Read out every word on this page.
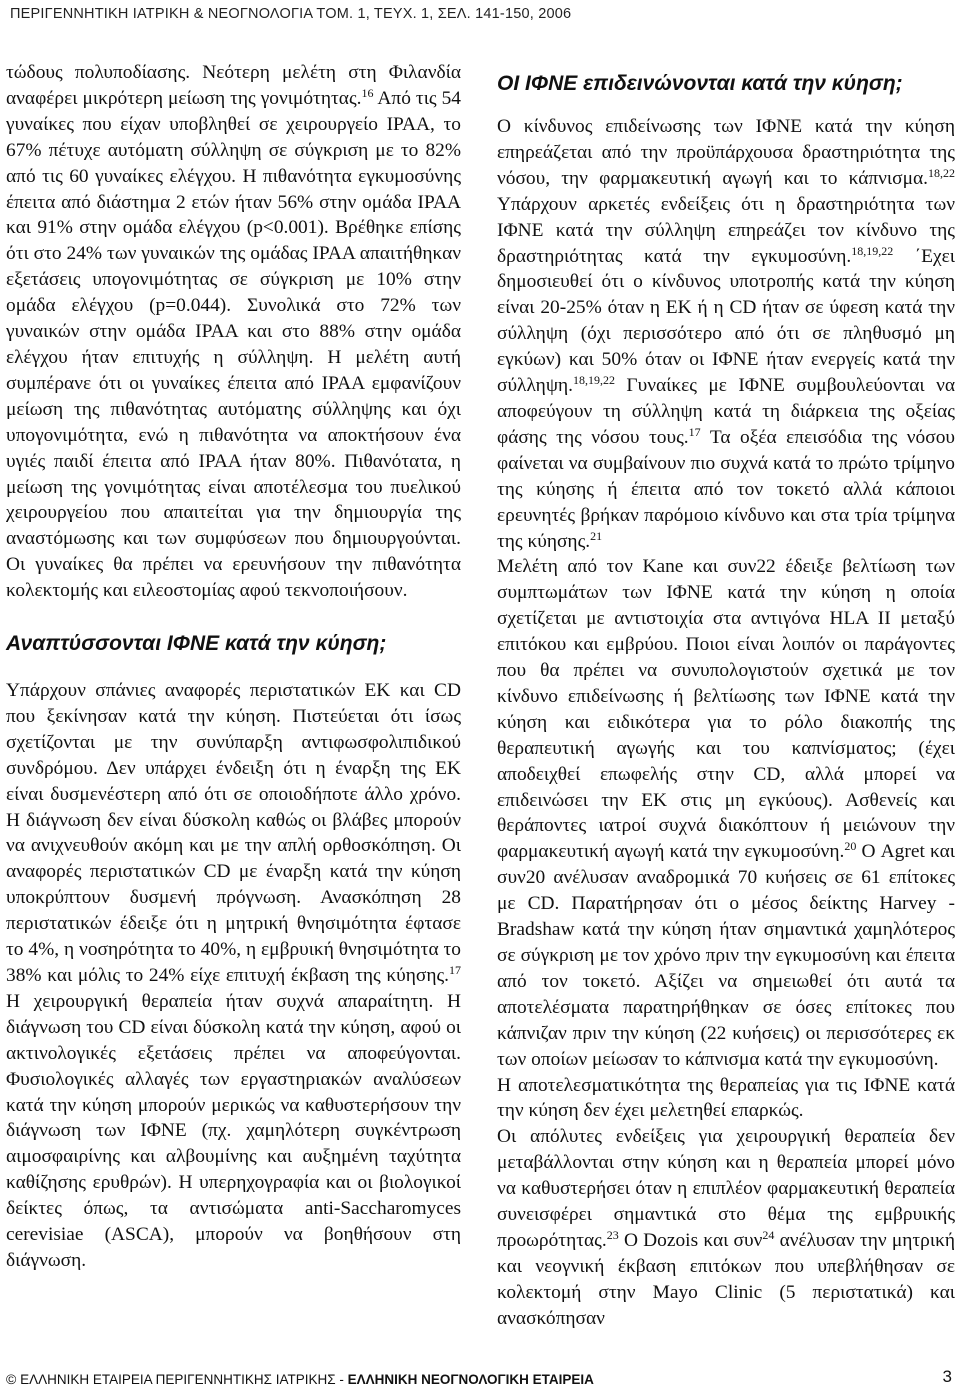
ΠΕΡΙΓΕΝΝΗΤΙΚΗ ΙΑΤΡΙΚΗ & ΝΕΟΓΝΟΛΟΓΙΑ ΤΟΜ. 1, ΤΕΥΧ. 1, ΣΕΛ. 141-150, 2006

τώδους πολυποδίασης. Νεότερη μελέτη στη Φιλανδία αναφέρει μικρότερη μείωση της γονιμότητας.$^{16}$ Από τις 54 γυναίκες που είχαν υποβληθεί σε χειρουργείο IPAA, το 67% πέτυχε αυτόματη σύλληψη σε σύγκριση με το 82% από τις 60 γυναίκες ελέγχου. Η πιθανότητα εγκυμοσύνης έπειτα από διάστημα 2 ετών ήταν 56% στην ομάδα IPAA και 91% στην ομάδα ελέγχου (p<0.001). Βρέθηκε επίσης ότι στο 24% των γυναικών της ομάδας IPAA απαιτήθηκαν εξετάσεις υπογονιμότητας σε σύγκριση με 10% στην ομάδα ελέγχου (p=0.044). Συνολικά στο 72% των γυναικών στην ομάδα IPAA και στο 88% στην ομάδα ελέγχου ήταν επιτυχής η σύλληψη. Η μελέτη αυτή συμπέρανε ότι οι γυναίκες έπειτα από IPAA εμφανίζουν μείωση της πιθανότητας αυτόματης σύλληψης και όχι υπογονιμότητα, ενώ η πιθανότητα να αποκτήσουν ένα υγιές παιδί έπειτα από IPAA ήταν 80%. Πιθανότατα, η μείωση της γονιμότητας είναι αποτέλεσμα του πυελικού χειρουργείου που απαιτείται για την δημιουργία της αναστόμωσης και των συμφύσεων που δημιουργούνται. Οι γυναίκες θα πρέπει να ερευνήσουν την πιθανότητα κολεκτομής και ειλεοστομίας αφού τεκνοποιήσουν.

Αναπτύσσονται ΙΦΝΕ κατά την κύηση;

Υπάρχουν σπάνιες αναφορές περιστατικών ΕΚ και CD που ξεκίνησαν κατά την κύηση. Πιστεύεται ότι ίσως σχετίζονται με την συνύπαρξη αντιφωσφολιπιδικού συνδρόμου. Δεν υπάρχει ένδειξη ότι η έναρξη της ΕΚ είναι δυσμενέστερη από ότι σε οποιοδήποτε άλλο χρόνο. Η διάγνωση δεν είναι δύσκολη καθώς οι βλάβες μπορούν να ανιχνευθούν ακόμη και με την απλή ορθοσκόπηση. Οι αναφορές περιστατικών CD με έναρξη κατά την κύηση υποκρύπτουν δυσμενή πρόγνωση. Ανασκόπηση 28 περιστατικών έδειξε ότι η μητρική θνησιμότητα έφτασε το 4%, η νοσηρότητα το 40%, η εμβρυική θνησιμότητα το 38% και μόλις το 24% είχε επιτυχή έκβαση της κύησης.$^{17}$ Η χειρουργική θεραπεία ήταν συχνά απαραίτητη. Η διάγνωση του CD είναι δύσκολη κατά την κύηση, αφού οι ακτινολογικές εξετάσεις πρέπει να αποφεύγονται. Φυσιολογικές αλλαγές των εργαστηριακών αναλύσεων κατά την κύηση μπορούν μερικώς να καθυστερήσουν την διάγνωση των ΙΦΝΕ (πχ. χαμηλότερη συγκέντρωση αιμοσφαιρίνης και αλβουμίνης και αυξημένη ταχύτητα καθίζησης ερυθρών). Η υπερηχογραφία και οι βιολογικοί δείκτες όπως, τα αντισώματα anti-Saccharomyces cerevisiae (ASCA), μπορούν να βοηθήσουν στη διάγνωση.

ΟΙ ΙΦΝΕ επιδεινώνονται κατά την κύηση;

Ο κίνδυνος επιδείνωσης των ΙΦΝΕ κατά την κύηση επηρεάζεται από την προϋπάρχουσα δραστηριότητα της νόσου, την φαρμακευτική αγωγή και το κάπνισμα.$^{18,22}$ Υπάρχουν αρκετές ενδείξεις ότι η δραστηριότητα των ΙΦΝΕ κατά την σύλληψη επηρεάζει τον κίνδυνο της δραστηριότητας κατά την εγκυμοσύνη.$^{18,19,22}$ ΄Εχει δημοσιευθεί ότι ο κίνδυνος υποτροπής κατά την κύηση είναι 20-25% όταν η ΕΚ ή η CD ήταν σε ύφεση κατά την σύλληψη (όχι περισσότερο από ότι σε πληθυσμό μη εγκύων) και 50% όταν οι ΙΦΝΕ ήταν ενεργείς κατά την σύλληψη.$^{18,19,22}$ Γυναίκες με ΙΦΝΕ συμβουλεύονται να αποφεύγουν τη σύλληψη κατά τη διάρκεια της οξείας φάσης της νόσου τους.$^{17}$ Τα οξέα επεισόδια της νόσου φαίνεται να συμβαίνουν πιο συχνά κατά το πρώτο τρίμηνο της κύησης ή έπειτα από τον τοκετό αλλά κάποιοι ερευνητές βρήκαν παρόμοιο κίνδυνο και στα τρία τρίμηνα της κύησης.$^{21}$

Μελέτη από τον Kane και συν22 έδειξε βελτίωση των συμπτωμάτων των ΙΦΝΕ κατά την κύηση η οποία σχετίζεται με αντιστοιχία στα αντιγόνα HLA II μεταξύ επιτόκου και εμβρύου. Ποιοι είναι λοιπόν οι παράγοντες που θα πρέπει να συνυπολογιστούν σχετικά με τον κίνδυνο επιδείνωσης ή βελτίωσης των ΙΦΝΕ κατά την κύηση και ειδικότερα για το ρόλο διακοπής της θεραπευτική αγωγής και του καπνίσματος; (έχει αποδειχθεί επωφελής στην CD, αλλά μπορεί να επιδεινώσει την ΕΚ στις μη εγκύους). Ασθενείς και θεράποντες ιατροί συχνά διακόπτουν ή μειώνουν την φαρμακευτική αγωγή κατά την εγκυμοσύνη.$^{20}$ Ο Agret και συν20 ανέλυσαν αναδρομικά 70 κυήσεις σε 61 επίτοκες με CD. Παρατήρησαν ότι ο μέσος δείκτης Harvey - Bradshaw κατά την κύηση ήταν σημαντικά χαμηλότερος σε σύγκριση με τον χρόνο πριν την εγκυμοσύνη και έπειτα από τον τοκετό. Αξίζει να σημειωθεί ότι αυτά τα αποτελέσματα παρατηρήθηκαν σε όσες επίτοκες που κάπνιζαν πριν την κύηση (22 κυήσεις) οι περισσότερες εκ των οποίων μείωσαν το κάπνισμα κατά την εγκυμοσύνη.

Η αποτελεσματικότητα της θεραπείας για τις ΙΦΝΕ κατά την κύηση δεν έχει μελετηθεί επαρκώς.

Οι απόλυτες ενδείξεις για χειρουργική θεραπεία δεν μεταβάλλονται στην κύηση και η θεραπεία μπορεί μόνο να καθυστερήσει όταν η επιπλέον φαρμακευτική θεραπεία συνεισφέρει σημαντικά στο θέμα της εμβρυικής προωρότητας.$^{23}$ Ο Dozois και συν$^{24}$ ανέλυσαν την μητρική και νεογνική έκβαση επιτόκων που υπεβλήθησαν σε κολεκτομή στην Mayo Clinic (5 περιστατικά) και ανασκόπησαν

© ΕΛΛΗΝΙΚΗ ΕΤΑΙΡΕΙΑ ΠΕΡΙΓΕΝΝΗΤΙΚΗΣ ΙΑΤΡΙΚΗΣ - ΕΛΛΗΝΙΚΗ ΝΕΟΓΝΟΛΟΓΙΚΗ ΕΤΑΙΡΕΙΑ	3
